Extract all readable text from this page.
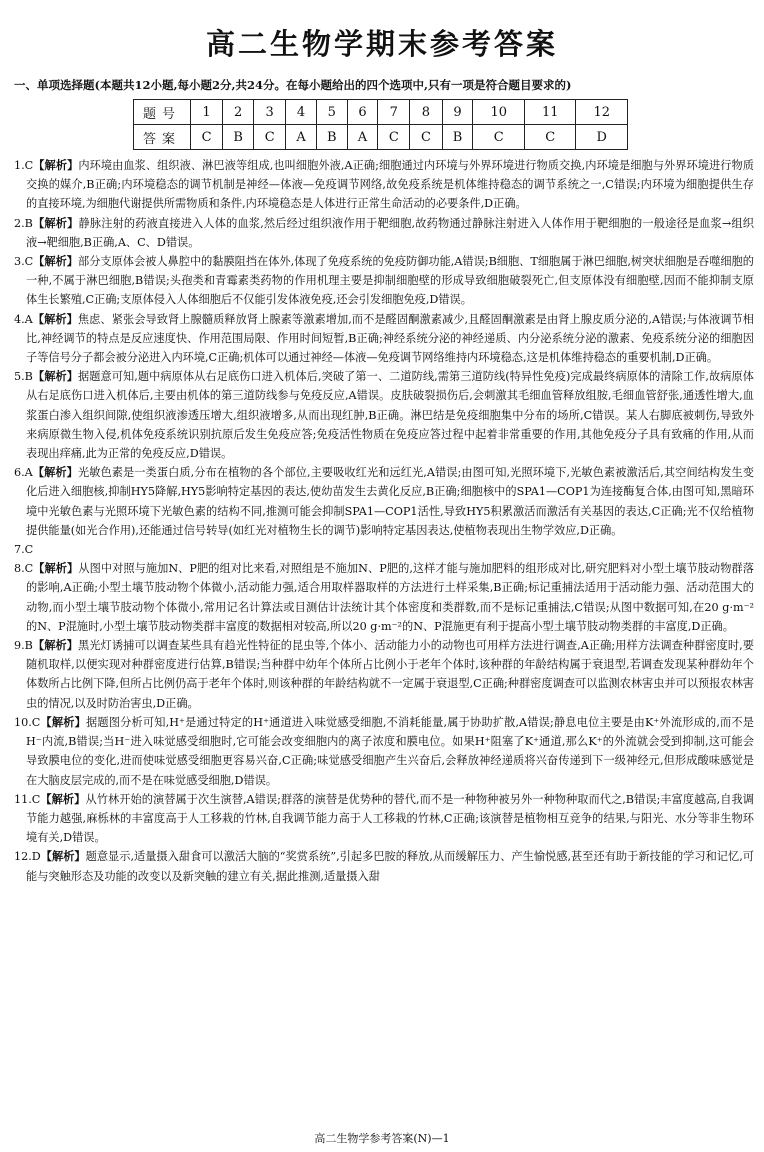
高二生物学期末参考答案
一、单项选择题(本题共12小题,每小题2分,共24分。在每小题给出的四个选项中,只有一项是符合题目要求的)
题号	1	2	3	4	5	6	7	8	9	10	11	12
答案	C	B	C	A	B	A	C	C	B	C	C	D

1.C【解析】内环境由血浆、组织液、淋巴液等组成,也叫细胞外液,A正确;细胞通过内环境与外界环境进行物质交换,内环境是细胞与外界环境进行物质交换的媒介,B正确;内环境稳态的调节机制是神经—体液—免疫调节网络,故免疫系统是机体维持稳态的调节系统之一,C错误;内环境为细胞提供生存的直接环境,为细胞代谢提供所需物质和条件,内环境稳态是人体进行正常生命活动的必要条件,D正确。

2.B【解析】静脉注射的药液直接进入人体的血浆,然后经过组织液作用于靶细胞,故药物通过静脉注射进入人体作用于靶细胞的一般途径是血浆→组织液→靶细胞,B正确,A、C、D错误。

3.C【解析】部分支原体会被人鼻腔中的黏膜阻挡在体外,体现了免疫系统的免疫防御功能,A错误;B细胞、T细胞属于淋巴细胞,树突状细胞是吞噬细胞的一种,不属于淋巴细胞,B错误;头孢类和青霉素类药物的作用机理主要是抑制细胞壁的形成导致细胞破裂死亡,但支原体没有细胞壁,因而不能抑制支原体生长繁殖,C正确;支原体侵入人体细胞后不仅能引发体液免疫,还会引发细胞免疫,D错误。

4.A【解析】焦虑、紧张会导致肾上腺髓质释放肾上腺素等激素增加,而不是醛固酮激素减少,且醛固酮激素是由肾上腺皮质分泌的,A错误;与体液调节相比,神经调节的特点是反应速度快、作用范围局限、作用时间短暂,B正确;神经系统分泌的神经递质、内分泌系统分泌的激素、免疫系统分泌的细胞因子等信号分子都会被分泌进入内环境,C正确;机体可以通过神经—体液—免疫调节网络维持内环境稳态,这是机体维持稳态的重要机制,D正确。

5.B【解析】据题意可知,题中病原体从右足底伤口进入机体后,突破了第一、二道防线,需第三道防线(特异性免疫)完成最终病原体的清除工作,故病原体从右足底伤口进入机体后,主要由机体的第三道防线参与免疫反应,A错误。皮肤破裂损伤后,会刺激其毛细血管释放组胺,毛细血管舒张,通透性增大,血浆蛋白渗入组织间隙,使组织液渗透压增大,组织液增多,从而出现红肿,B正确。淋巴结是免疫细胞集中分布的场所,C错误。某人右脚底被刺伤,导致外来病原微生物入侵,机体免疫系统识别抗原后发生免疫应答;免疫活性物质在免疫应答过程中起着非常重要的作用,其他免疫分子具有致痛的作用,从而表现出痒痛,此为正常的免疫反应,D错误。

6.A【解析】光敏色素是一类蛋白质,分布在植物的各个部位,主要吸收红光和远红光,A错误;由图可知,光照环境下,光敏色素被激活后,其空间结构发生变化后进入细胞核,抑制HY5降解,HY5影响特定基因的表达,使幼苗发生去黄化反应,B正确;细胞核中的SPA1—COP1为连接酶复合体,由图可知,黑暗环境中光敏色素与光照环境下光敏色素的结构不同,推测可能会抑制SPA1—COP1活性,导致HY5积累激活而激活有关基因的表达,C正确;光不仅给植物提供能量(如光合作用),还能通过信号转导(如红光对植物生长的调节)影响特定基因表达,使植物表现出生物学效应,D正确。

7.C

8.C【解析】从图中对照与施加N、P肥的组对比来看,对照组是不施加N、P肥的,这样才能与施加肥料的组形成对比,研究肥料对小型土壤节肢动物群落的影响,A正确;小型土壤节肢动物个体微小,活动能力强,适合用取样器取样的方法进行土样采集,B正确;标记重捕法适用于活动能力强、活动范围大的动物,而小型土壤节肢动物个体微小,常用记名计算法或目测估计法统计其个体密度和类群数,而不是标记重捕法,C错误;从图中数据可知,在20 g·m⁻²的N、P混施时,小型土壤节肢动物类群丰富度的数据相对较高,所以20 g·m⁻²的N、P混施更有利于提高小型土壤节肢动物类群的丰富度,D正确。

9.B【解析】黑光灯诱捕可以调查某些具有趋光性特征的昆虫等,个体小、活动能力小的动物也可用样方法进行调查,A正确;用样方法调查种群密度时,要随机取样,以便实现对种群密度进行估算,B错误;当种群中幼年个体所占比例小于老年个体时,该种群的年龄结构属于衰退型,若调查发现某种群幼年个体数所占比例下降,但所占比例仍高于老年个体时,则该种群的年龄结构就不一定属于衰退型,C正确;种群密度调查可以监测农林害虫并可以预报农林害虫的情况,以及时防治害虫,D正确。

10.C【解析】据题图分析可知,H⁺是通过特定的H⁺通道进入味觉感受细胞,不消耗能量,属于协助扩散,A错误;静息电位主要是由K⁺外流形成的,而不是H⁻内流,B错误;当H⁻进入味觉感受细胞时,它可能会改变细胞内的离子浓度和膜电位。如果H⁺阻塞了K⁺通道,那么K⁺的外流就会受到抑制,这可能会导致膜电位的变化,进而使味觉感受细胞更容易兴奋,C正确;味觉感受细胞产生兴奋后,会释放神经递质将兴奋传递到下一级神经元,但形成酸味感觉是在大脑皮层完成的,而不是在味觉感受细胞,D错误。

11.C【解析】从竹林开始的演替属于次生演替,A错误;群落的演替是优势种的替代,而不是一种物种被另外一种物种取而代之,B错误;丰富度越高,自我调节能力越强,麻栎林的丰富度高于人工移栽的竹林,自我调节能力高于人工移栽的竹林,C正确;该演替是植物相互竞争的结果,与阳光、水分等非生物环境有关,D错误。

12.D【解析】题意显示,适量摄入甜食可以激活大脑的“奖赏系统”,引起多巴胺的释放,从而缓解压力、产生愉悦感,甚至还有助于新技能的学习和记忆,可能与突触形态及功能的改变以及新突触的建立有关,据此推测,适量摄入甜

高二生物学参考答案(N)—1
